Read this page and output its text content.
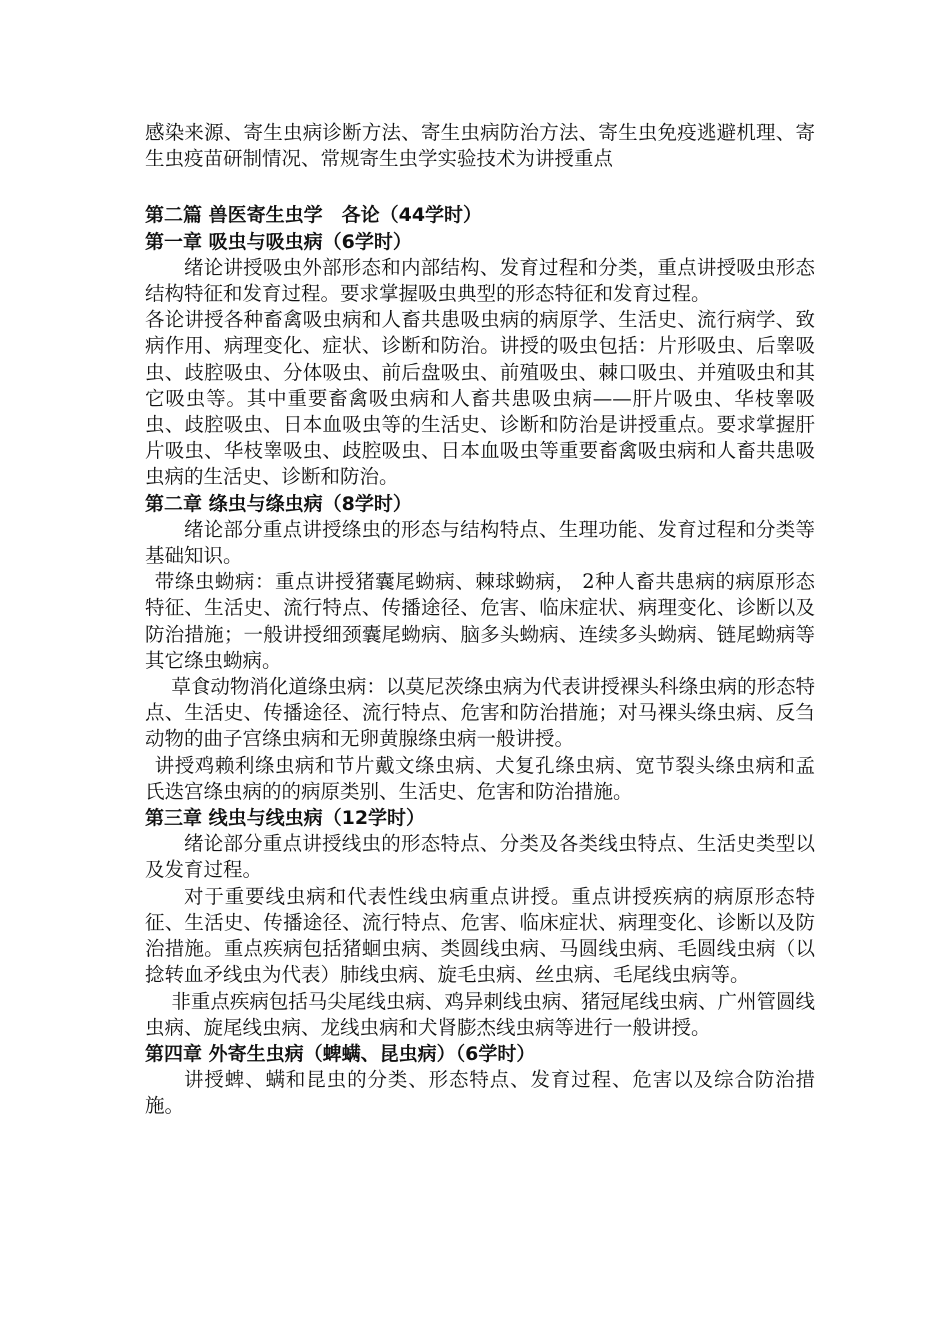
感染来源、寄生虫病诊断方法、寄生虫病防治方法、寄生虫免疫逃避机理、寄生虫疫苗研制情况、常规寄生虫学实验技术为讲授重点

第二篇 兽医寄生虫学　各论（44学时）

第一章 吸虫与吸虫病（6学时）

绪论讲授吸虫外部形态和内部结构、发育过程和分类，重点讲授吸虫形态结构特征和发育过程。要求掌握吸虫典型的形态特征和发育过程。

各论讲授各种畜禽吸虫病和人畜共患吸虫病的病原学、生活史、流行病学、致病作用、病理变化、症状、诊断和防治。讲授的吸虫包括：片形吸虫、后睾吸虫、歧腔吸虫、分体吸虫、前后盘吸虫、前殖吸虫、棘口吸虫、并殖吸虫和其它吸虫等。其中重要畜禽吸虫病和人畜共患吸虫病——肝片吸虫、华枝睾吸虫、歧腔吸虫、日本血吸虫等的生活史、诊断和防治是讲授重点。要求掌握肝片吸虫、华枝睾吸虫、歧腔吸虫、日本血吸虫等重要畜禽吸虫病和人畜共患吸虫病的生活史、诊断和防治。

第二章 绦虫与绦虫病（8学时）

绪论部分重点讲授绦虫的形态与结构特点、生理功能、发育过程和分类等基础知识。

带绦虫蚴病：重点讲授猪囊尾蚴病、棘球蚴病， 2种人畜共患病的病原形态特征、生活史、流行特点、传播途径、危害、临床症状、病理变化、诊断以及防治措施；一般讲授细颈囊尾蚴病、脑多头蚴病、连续多头蚴病、链尾蚴病等其它绦虫蚴病。

草食动物消化道绦虫病：以莫尼茨绦虫病为代表讲授裸头科绦虫病的形态特点、生活史、传播途径、流行特点、危害和防治措施；对马裸头绦虫病、反刍动物的曲子宫绦虫病和无卵黄腺绦虫病一般讲授。

讲授鸡赖利绦虫病和节片戴文绦虫病、犬复孔绦虫病、宽节裂头绦虫病和孟氏迭宫绦虫病的的病原类别、生活史、危害和防治措施。

第三章 线虫与线虫病（12学时）

绪论部分重点讲授线虫的形态特点、分类及各类线虫特点、生活史类型以及发育过程。

对于重要线虫病和代表性线虫病重点讲授。重点讲授疾病的病原形态特征、生活史、传播途径、流行特点、危害、临床症状、病理变化、诊断以及防治措施。重点疾病包括猪蛔虫病、类圆线虫病、马圆线虫病、毛圆线虫病（以捻转血矛线虫为代表）肺线虫病、旋毛虫病、丝虫病、毛尾线虫病等。

非重点疾病包括马尖尾线虫病、鸡异刺线虫病、猪冠尾线虫病、广州管圆线虫病、旋尾线虫病、龙线虫病和犬肾膨杰线虫病等进行一般讲授。

第四章 外寄生虫病（蜱螨、昆虫病）（6学时）

讲授蜱、螨和昆虫的分类、形态特点、发育过程、危害以及综合防治措施。
